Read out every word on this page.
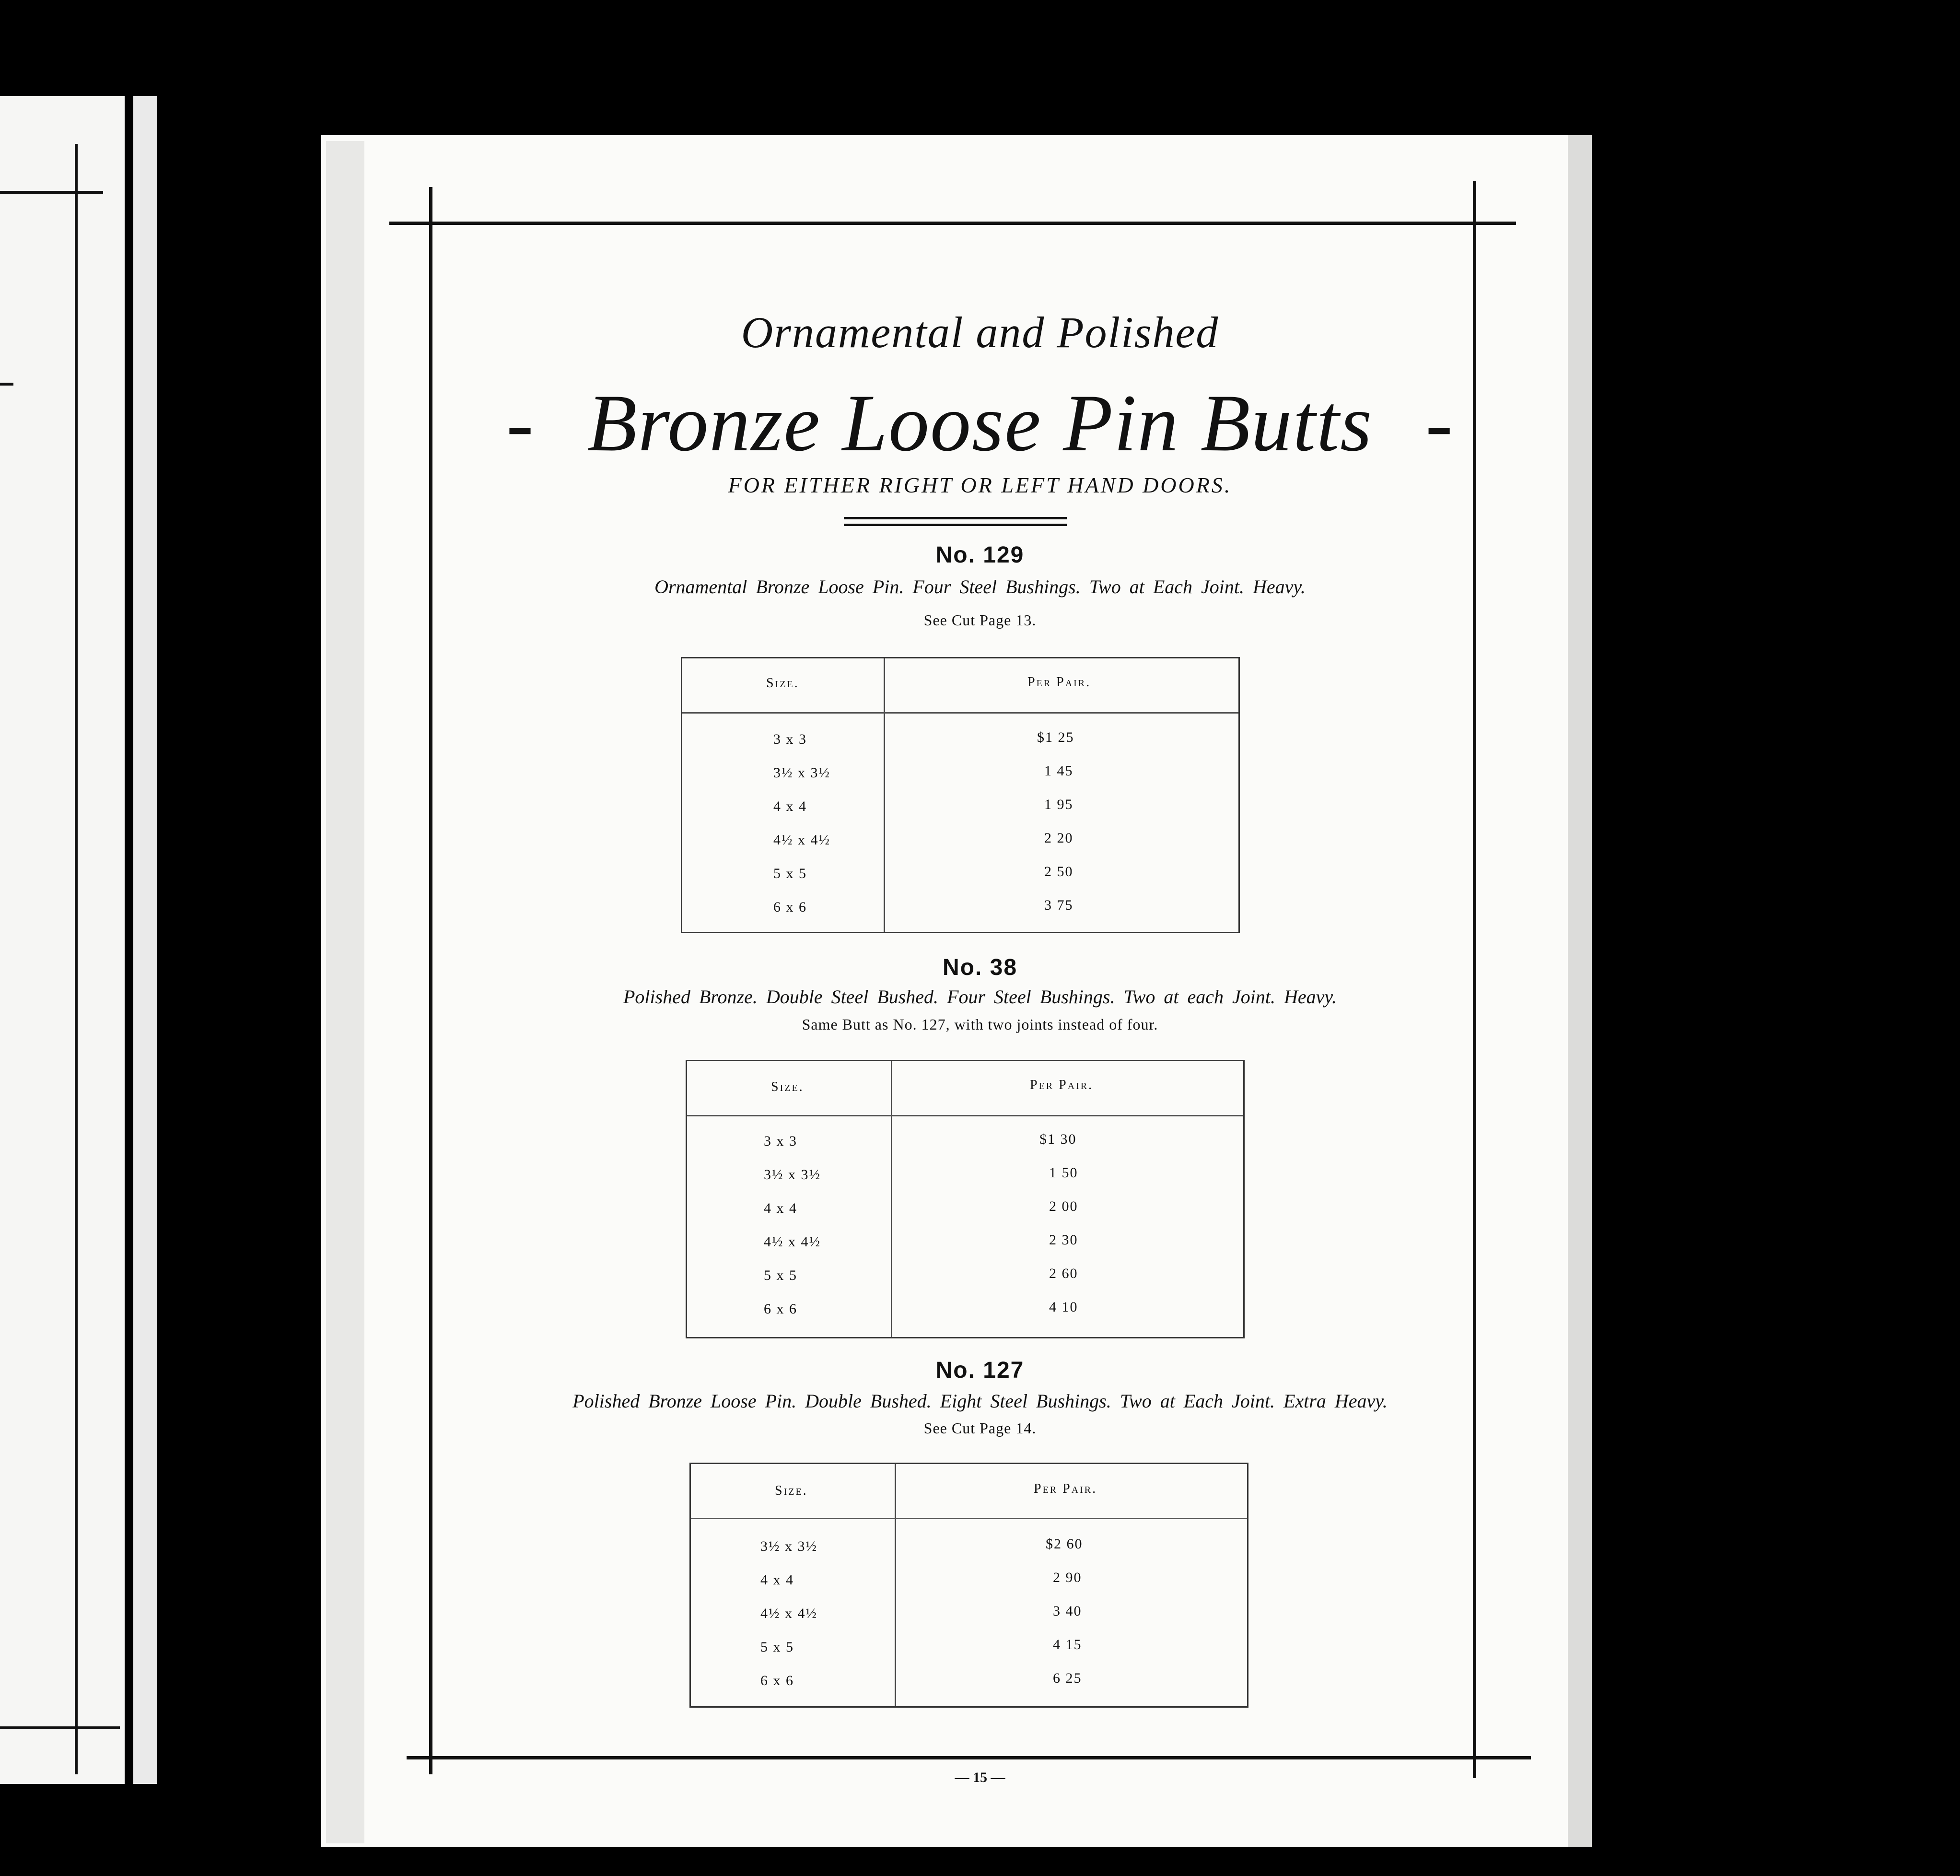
Ornamental and Polished
- Bronze Loose Pin Butts -
FOR EITHER RIGHT OR LEFT HAND DOORS.
No. 129
Ornamental Bronze Loose Pin. Four Steel Bushings. Two at Each Joint. Heavy.
See Cut Page 13.
Size.	Per Pair.
3 x 3	$1 25
3½ x 3½	1 45
4 x 4	1 95
4½ x 4½	2 20
5 x 5	2 50
6 x 6	3 75
No. 38
Polished Bronze. Double Steel Bushed. Four Steel Bushings. Two at each Joint. Heavy.
Same Butt as No. 127, with two joints instead of four.
Size.	Per Pair.
3 x 3	$1 30
3½ x 3½	1 50
4 x 4	2 00
4½ x 4½	2 30
5 x 5	2 60
6 x 6	4 10
No. 127
Polished Bronze Loose Pin. Double Bushed. Eight Steel Bushings. Two at Each Joint. Extra Heavy.
See Cut Page 14.
Size.	Per Pair.
3½ x 3½	$2 60
4 x 4	2 90
4½ x 4½	3 40
5 x 5	4 15
6 x 6	6 25
— 15 —
